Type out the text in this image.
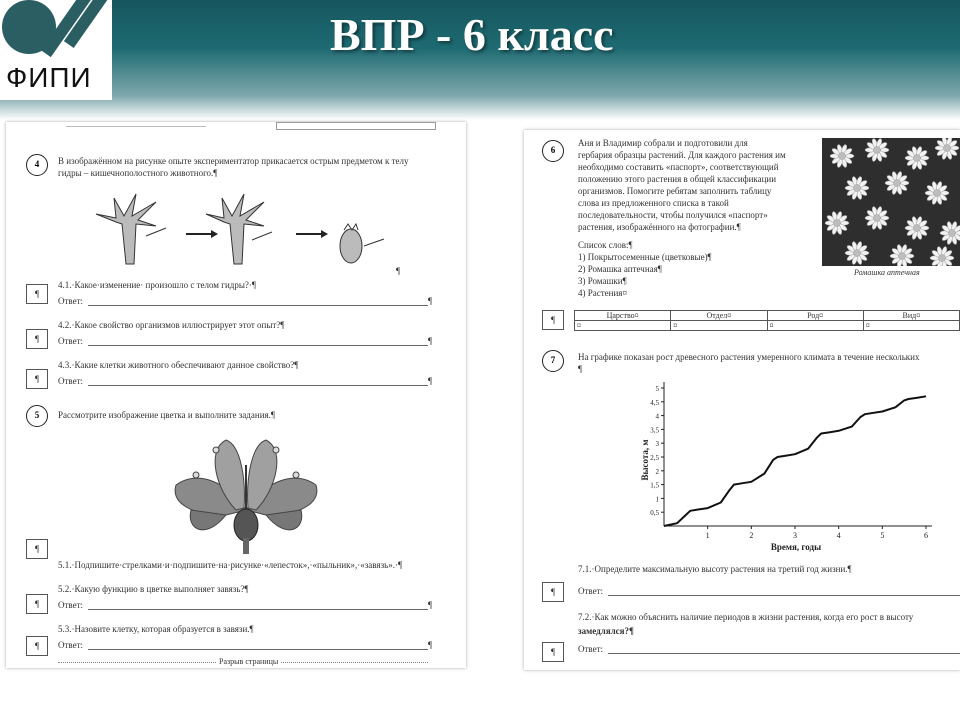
ФИПИ
ВПР - 6 класс
4	В изображённом на рисунке опыте экспериментатор прикасается острым предметом к телу
гидры – кишечнополостного животного.¶
¶
¶
4.1.·Какое·изменение· произошло с телом гидры?·¶
Ответ:	¶
¶
4.2.·Какое свойство организмов иллюстрирует этот опыт?¶
Ответ:	¶
¶
4.3.·Какие клетки животного обеспечивают данное свойство?¶
Ответ:	¶
5	Рассмотрите изображение цветка и выполните задания.¶
¶
5.1.·Подпишите·стрелками·и·подпишите·на·рисунке·«лепесток»,·«пыльник»,·«завязь».·¶
5.2.·Какую функцию в цветке выполняет завязь?¶
¶	Ответ:	¶
5.3.·Назовите клетку, которая образуется в завязи.¶
¶	Ответ:	¶
Разрыв страницы
6
Аня и Владимир собрали и подготовили для
гербария образцы растений. Для каждого растения им
необходимо составить «паспорт», соответствующий
положению этого растения в общей классификации
организмов. Помогите ребятам заполнить таблицу
слова из предложенного списка в такой
последовательности, чтобы получился «паспорт»
растения, изображённого на фотографии.¶
Список слов:¶
1) Покрытосеменные (цветковые)¶
2) Ромашка аптечная¶
3) Ромашки¶
4) Растения¤
Ромашка аптечная
¶	Царство¤	Отдел¤	Род¤	Вид¤
¤	¤	¤	¤
7	На графике показан рост древесного растения умеренного климата в течение нескольких
¶
1	2	3	4	5	6
0,5
1
1,5
2
2,5
3
3,5
4
4,5
5
Время, годы
Высота, м
7.1.·Определите максимальную высоту растения на третий год жизни.¶
¶	Ответ:
7.2.·Как можно объяснить наличие периодов в жизни растения, когда его рост в высоту
замедлялся?¶
¶	Ответ:
